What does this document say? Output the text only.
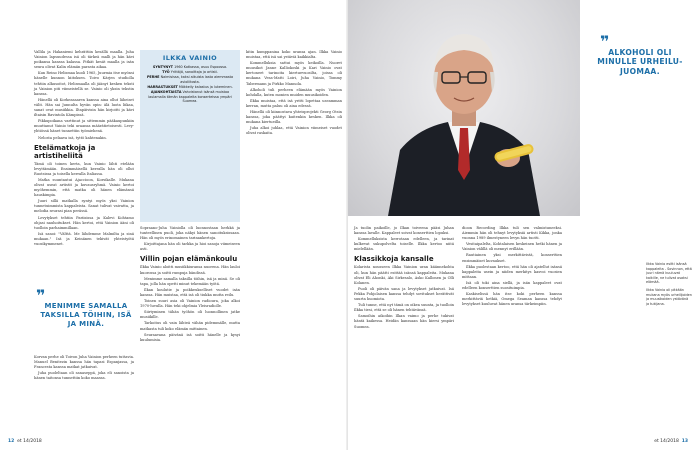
Vallila ja Hakaniemi kehrättiin kesällä maalla. Juha Vainion lapsuudessa isä oli tärkeä malli ja hän kävi poikansa kanssa kalassa. Pitkät kesät maalla ja isän seura olivat Kalin elämän parasta aikaa.

Kun Reino Helismaa kuoli 1965, Juurmia itse myönsi hänelle kunnon kiitoksen. Toivo Kärjen studiolla tehtiin alkusoitot, Helismaalla oli jäänyt kesken teksti ja Vainion piti viimeistellä se. Vainio oli yksin tekstin kanssa.

Hänellä oli Korkeasaaren kanssa aina ollut läheiset välit. Hän sai Junnulta hyvän opin: älä luota liikaa, sanat ovat musiikkia. Iltapäivisin hän kirjoitti ja kävi iltaisin Ravintola Kämpissä.

Pikkupoikana varttinut ja sittemmin pääkaupunkiin muuttanut Vainio teki uraansa määrätietoisesti. Levy-yhtiössä hänet tunnettiin työmiehenä.

Nelosta pelaava isä, tyttö kahtenakin.

Etelämatkoja ja artistiheliitä

Tämä oli toinen kerta, kun Vainio lähti etelään levyttämään. Ensimmäisellä kerralla hän oli ollut Ruotsissa ja toisella kerralla Italiassa.

Matka suuntautui Ajaccioon, Korsikalle. Mukana olivat useat artistit ja kuvausryhmä. Vainio kertoi myöhemmin, että matka oli hänen elämänsä hauskimpia.

Juuri sillä matkalla syntyi myös yksi Vainion tunnetuimmista kappaleista. Sanat tulivat vaivatta, ja melodia seurasi pian perässä.

Levytykset tehtiin Pariisissa ja Kalevi Kohtamo ohjasi nauhoitukset. Hän kertoi, että Vainion ääni oli tuolloin parhaimmillaan.

Isä sanoi: "Välttä. Me lähdemme Malmilta ja sinä mukaan." Isä ja Keinänen tekivät yhteistyötä vuosikymmenet.

ILKKA VAINIO
SYNTYNYT 1960 Kotkassa, asuu Espoossa.
TYÖ Yrittäjä, sanoittaja ja artisti.
PERHE Naimisissa, kaksi aikuista lasta aiemmasta avioliitosta.
HARRASTUKSET Mökkeily kalastus ja lukeminen.
AJANKOHTAISTA Vahvistanut isänsä muistoa laulamalla tämän kappaleita konserteissa ympäri Suomea.

Sopraano-Juha Vainiolla oli luonnostaan herkkä ja tunteellinen puoli, joka näkyi hänen sanoituksissaan. Hän oli myös erinomainen tarinankertoja.

Kirjoittajana hän oli tarkka ja hioi sanoja viimeiseen asti.

Villin pojan elämänkoulu

Ilkka Vainio aloitti musiikkiuransa nuorena. Hän lauloi kuorossa ja soitti rumpuja bändissä.

Menimme samalla taksilla töihin, isä ja minä. Se oli tapa, jolla hän opetti minut tekemään työtä.

Ilkan koulutie ja poikkeukselliset vuodet isän kanssa. Hän muistaa, että isä oli tiukka mutta reilu.

Toinen suuri asia oli Vainion radioura, joka alkoi 1970-luvulla. Hän teki ohjelmia Yleisradiolle.

Siirtyminen tähän työhön oli luonnollinen jatke musiikille.

Tarkoitus oli vain lähteä vähän pidemmälle, mutta matkasta tuli koko elämän mittainen.

Seuraavana päivänä isä soitti hänelle ja kysyi kuulumisia.

kitin kumppanina koko uransa ajan. Ilkka Vainio muistaa, että isä sai ystäviä kaikkialta.

Kommelluksia sattui myös keikoilla. Nuoret muusikot Janne Kalliokoski ja Kari Vainio ovat kertoneet tarinoita kiertuevuosilta, joissa oli mukana Vesa-Matti Loiri, Juha Vainio, Tommy Tabermann ja Pirkko Mannola.

Alkoholi tuli perheen elämään myös Vainion kohdalla, kuten monien muiden muusikoiden.

Ilkka muistaa, että isä yritti lopettaa useamman kerran, mutta paluu oli aina edessä.

Hänellä oli kiinnostava yhteisprojekti Georg Otsin kanssa, joka päättyi kuitenkin kesken. Ilkka oli mukana kiertueilla.

Juha alkoi juhlaa, että Vainion viimeiset vuodet olivat raskaita.

❞
MENIMME SAMALLA TAKSILLA TÖIHIN, ISÄ JA MINÄ.

Korvan perhe oli Toivon Juha Vainion perheen tuttavia. Manuel Benitezin kanssa hän tapasi Espanjassa, ja Francesta kanssa matkat jatkuivat.

Juha puoleltaan oli sanaseppä, joka eli sanoista ja hänen taitonsa tunnettiin koko maassa.

12 et 14/2018
❞
ALKOHOLI OLI MINULLE URHEILU-JUOMAA.

Ja tuolin paikoille, jo Ilkan toiveena pääsi Juhan kanssa lavalle. Kappaleet soivat konserttien lopuksi.

Kommelluksista kerrotaan edelleen, ja tarinat kulkevat sukupolvelta toiselle. Ilkka kertoo niitä mielellään.

Klassikkoja kansalle

Kolarista nousseen Ilkka Vainion uran käännekohta oli, kun hän päätti esittää isänsä kappaleita. Mukana olivat Eli Ahonki, Aki Sirkesalo, Asko Kallonen ja Olli Kolanen.

Puoli oli päivän sana ja levytykset jatkuivat. Isä Pekka Pohjolaisen kanssa tehdyt sovitukset herättivät suurta huomiota.

Tuli tunne, että nyt tämä on oikea suunta, ja tuolloin Ilkka tiesi, että se oli hänen tehtävänsä.

Samoihin aikoihin Ilkan vaimo ja perhe tukivat häntä kaikessa. Heidän kanssaan hän kiersi ympäri Suomea.

dioon Recording Ilkka tuli sen valmistuneeksi. Aiemmin hän oli tehnyt levytyksiä artisti Kikka, jonka vuonna 1989 ilmestyneen levyn hän tuotti.

Vesitaipalelta, Kohtalaisen keskeinen hetki hänen ja Vainion välillä oli mennyt erillään.

Rautiainen yksi merkittävistä, konserttien ensimmäiset kuvaukset.

Ilkka puolestaan kertoo, että hän oli ajatellut isänsä kappaleita usein ja niiden merkitys kasvoi vuosien mittaan.

Isä oli toki aina siellä, ja isän kappaleet ovat edelleen konserttien suosituimpia.

Kaskiselissä hän itse koki perheen kanssa merkittäviä hetkiä, Omega Seaman kanssa tehdyt levytykset kuuluvat hänen uransa tärkeimpiin.

Ilkka Vainio esitti isänsä kappaleita - Sovinnon, että juuri nämä kuuluvat kaikille, ne tulivat osaksi elämää.

Ilkka Vainio oli pitkään mukana myös urheilijoiden ja muusikoiden ystävänä ja tukijana.

et 14/2018 13
